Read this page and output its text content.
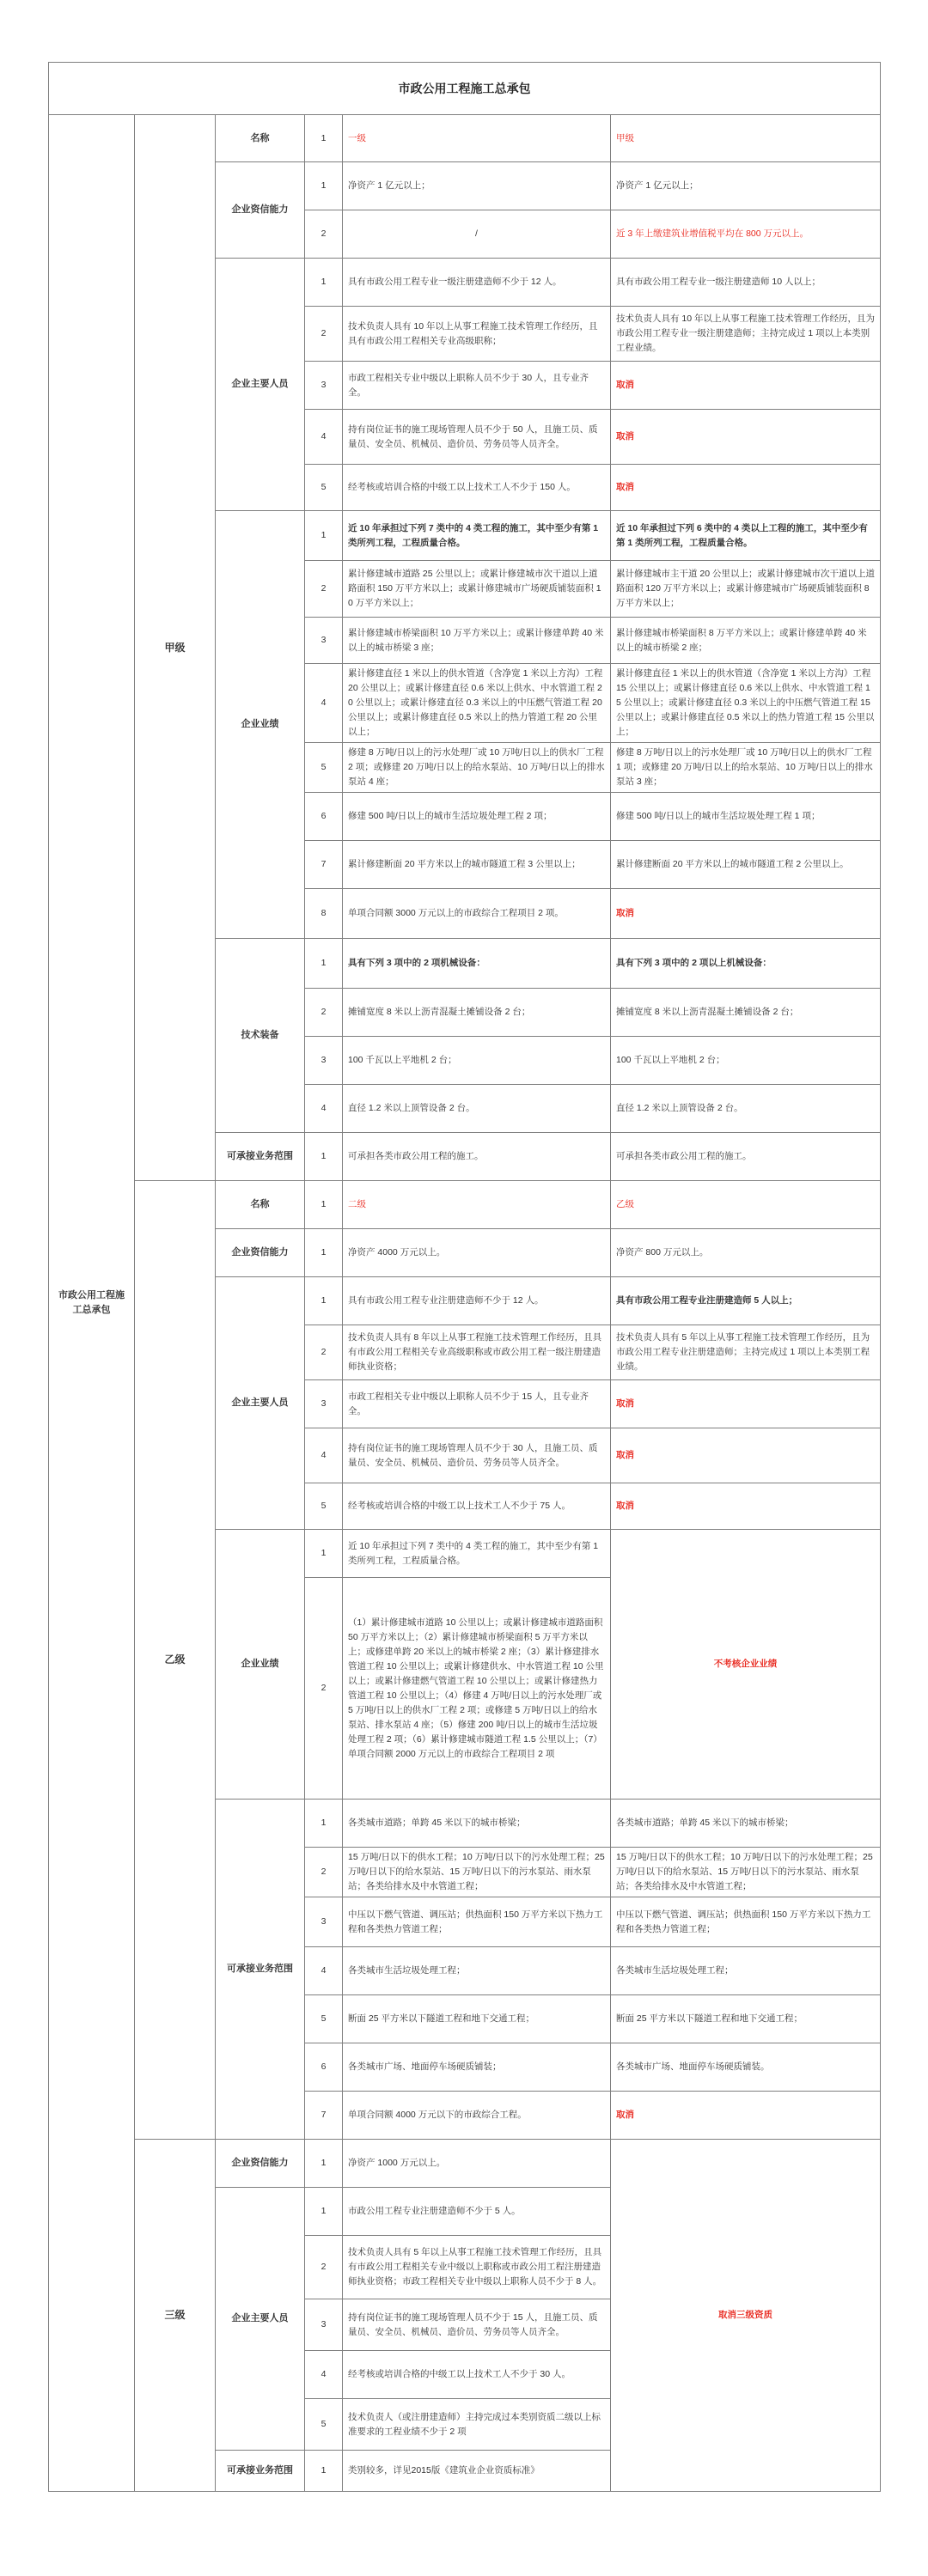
市政公用工程施工总承包					
市政公用工程施工总承包	甲级	名称	1	一级	甲级
		企业资信能力	1	净资产 1 亿元以上；	净资产 1 亿元以上；
			2	/	近 3 年上缴建筑业增值税平均在 800 万元以上。
		企业主要人员	1	具有市政公用工程专业一级注册建造师不少于 12 人。	具有市政公用工程专业一级注册建造师 10 人以上；
			2	技术负责人具有 10 年以上从事工程施工技术管理工作经历，且具有市政公用工程相关专业高级职称；	技术负责人具有 10 年以上从事工程施工技术管理工作经历，且为市政公用工程专业一级注册建造师；主持完成过 1 项以上本类别工程业绩。
			3	市政工程相关专业中级以上职称人员不少于 30 人，且专业齐全。	取消
			4	持有岗位证书的施工现场管理人员不少于 50 人，且施工员、质量员、安全员、机械员、造价员、劳务员等人员齐全。	取消
			5	经考核或培训合格的中级工以上技术工人不少于 150 人。	取消
		企业业绩	1	近 10 年承担过下列 7 类中的 4 类工程的施工，其中至少有第 1 类所列工程，工程质量合格。	近 10 年承担过下列 6 类中的 4 类以上工程的施工，其中至少有第 1 类所列工程，工程质量合格。
			2	累计修建城市道路 25 公里以上；或累计修建城市次干道以上道路面积 150 万平方米以上；或累计修建城市广场硬质铺装面积 10 万平方米以上；	累计修建城市主干道 20 公里以上；或累计修建城市次干道以上道路面积 120 万平方米以上；或累计修建城市广场硬质铺装面积 8 万平方米以上；
			3	累计修建城市桥梁面积 10 万平方米以上；或累计修建单跨 40 米以上的城市桥梁 3 座；	累计修建城市桥梁面积 8 万平方米以上；或累计修建单跨 40 米以上的城市桥梁 2 座；
			4	累计修建直径 1 米以上的供水管道（含净宽 1 米以上方沟）工程 20 公里以上；或累计修建直径 0.6 米以上供水、中水管道工程 20 公里以上；或累计修建直径 0.3 米以上的中压燃气管道工程 20 公里以上；或累计修建直径 0.5 米以上的热力管道工程 20 公里以上；	累计修建直径 1 米以上的供水管道（含净宽 1 米以上方沟）工程 15 公里以上；或累计修建直径 0.6 米以上供水、中水管道工程 15 公里以上；或累计修建直径 0.3 米以上的中压燃气管道工程 15 公里以上；或累计修建直径 0.5 米以上的热力管道工程 15 公里以上；
			5	修建 8 万吨/日以上的污水处理厂或 10 万吨/日以上的供水厂工程 2 项；或修建 20 万吨/日以上的给水泵站、10 万吨/日以上的排水泵站 4 座；	修建 8 万吨/日以上的污水处理厂或 10 万吨/日以上的供水厂工程 1 项；或修建 20 万吨/日以上的给水泵站、10 万吨/日以上的排水泵站 3 座；
			6	修建 500 吨/日以上的城市生活垃圾处理工程 2 项；	修建 500 吨/日以上的城市生活垃圾处理工程 1 项；
			7	累计修建断面 20 平方米以上的城市隧道工程 3 公里以上；	累计修建断面 20 平方米以上的城市隧道工程 2 公里以上。
			8	单项合同额 3000 万元以上的市政综合工程项目 2 项。	取消
		技术装备	1	具有下列 3 项中的 2 项机械设备：	具有下列 3 项中的 2 项以上机械设备：
			2	摊铺宽度 8 米以上沥青混凝土摊铺设备 2 台；	摊铺宽度 8 米以上沥青混凝土摊铺设备 2 台；
			3	100 千瓦以上平地机 2 台；	100 千瓦以上平地机 2 台；
			4	直径 1.2 米以上顶管设备 2 台。	直径 1.2 米以上顶管设备 2 台。
		可承接业务范围	1	可承担各类市政公用工程的施工。	可承担各类市政公用工程的施工。
	乙级	名称	1	二级	乙级
		企业资信能力	1	净资产 4000 万元以上。	净资产 800 万元以上。
		企业主要人员	1	具有市政公用工程专业注册建造师不少于 12 人。	具有市政公用工程专业注册建造师 5 人以上；
			2	技术负责人具有 8 年以上从事工程施工技术管理工作经历，且具有市政公用工程相关专业高级职称或市政公用工程一级注册建造师执业资格；	技术负责人具有 5 年以上从事工程施工技术管理工作经历，且为市政公用工程专业注册建造师；主持完成过 1 项以上本类别工程业绩。
			3	市政工程相关专业中级以上职称人员不少于 15 人，且专业齐全。	取消
			4	持有岗位证书的施工现场管理人员不少于 30 人，且施工员、质量员、安全员、机械员、造价员、劳务员等人员齐全。	取消
			5	经考核或培训合格的中级工以上技术工人不少于 75 人。	取消
		企业业绩	1	近 10 年承担过下列 7 类中的 4 类工程的施工，其中至少有第 1 类所列工程，工程质量合格。	不考核企业业绩
			2	（1）累计修建城市道路 10 公里以上；或累计修建城市道路面积 50 万平方米以上；（2）累计修建城市桥梁面积 5 万平方米以上；或修建单跨 20 米以上的城市桥梁 2 座；（3）累计修建排水管道工程 10 公里以上；或累计修建供水、中水管道工程 10 公里以上；或累计修建燃气管道工程 10 公里以上；或累计修建热力管道工程 10 公里以上；（4）修建 4 万吨/日以上的污水处理厂或 5 万吨/日以上的供水厂工程 2 项；或修建 5 万吨/日以上的给水泵站、排水泵站 4 座；（5）修建 200 吨/日以上的城市生活垃圾处理工程 2 项；（6）累计修建城市隧道工程 1.5 公里以上；（7）单项合同额 2000 万元以上的市政综合工程项目 2 项	
		可承接业务范围	1	各类城市道路；单跨 45 米以下的城市桥梁；	各类城市道路；单跨 45 米以下的城市桥梁；
			2	15 万吨/日以下的供水工程；10 万吨/日以下的污水处理工程；25 万吨/日以下的给水泵站、15 万吨/日以下的污水泵站、雨水泵站；各类给排水及中水管道工程；	15 万吨/日以下的供水工程；10 万吨/日以下的污水处理工程；25 万吨/日以下的给水泵站、15 万吨/日以下的污水泵站、雨水泵站；各类给排水及中水管道工程；
			3	中压以下燃气管道、调压站；供热面积 150 万平方米以下热力工程和各类热力管道工程；	中压以下燃气管道、调压站；供热面积 150 万平方米以下热力工程和各类热力管道工程；
			4	各类城市生活垃圾处理工程；	各类城市生活垃圾处理工程；
			5	断面 25 平方米以下隧道工程和地下交通工程；	断面 25 平方米以下隧道工程和地下交通工程；
			6	各类城市广场、地面停车场硬质铺装；	各类城市广场、地面停车场硬质铺装。
			7	单项合同额 4000 万元以下的市政综合工程。	取消
	三级	企业资信能力	1	净资产 1000 万元以上。	取消三级资质
		企业主要人员	1	市政公用工程专业注册建造师不少于 5 人。	
			2	技术负责人具有 5 年以上从事工程施工技术管理工作经历，且具有市政公用工程相关专业中级以上职称或市政公用工程注册建造师执业资格；市政工程相关专业中级以上职称人员不少于 8 人。	
			3	持有岗位证书的施工现场管理人员不少于 15 人，且施工员、质量员、安全员、机械员、造价员、劳务员等人员齐全。	
			4	经考核或培训合格的中级工以上技术工人不少于 30 人。	
			5	技术负责人（或注册建造师）主持完成过本类别资质二级以上标准要求的工程业绩不少于 2 项	
		可承接业务范围	1	类别较多，详见2015版《建筑业企业资质标准》	
